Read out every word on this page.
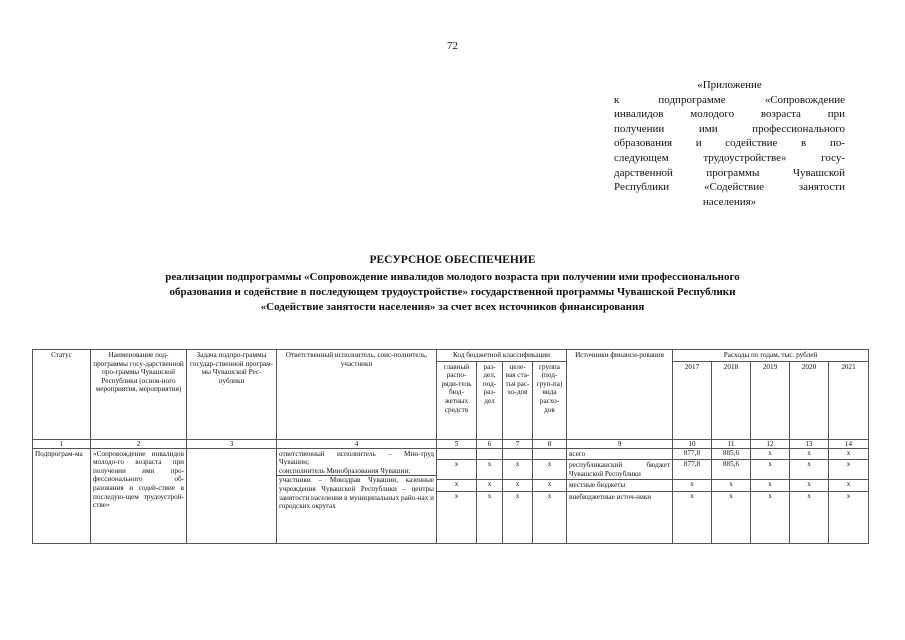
72
«Приложение
к подпрограмме «Сопровождение
инвалидов молодого возраста при
получении ими профессионального
образования и содействие в по-
следующем трудоустройстве» госу-
дарственной программы Чувашской
Республики «Содействие занятости
населения»
РЕСУРСНОЕ ОБЕСПЕЧЕНИЕ
реализации подпрограммы «Сопровождение инвалидов молодого возраста при получении ими профессионального
образования и содействие в последующем трудоустройстве» государственной программы Чувашской Республики
«Содействие занятости населения» за счет всех источников финансирования
Статус	Наименование под-программы госу-дарственной про-граммы Чувашской Республики (основ-ного мероприятия, мероприятия)	Задача подпро-граммы государ-ственной програм-мы Чувашской Рес-публики	Ответственный исполнитель, соис-полнитель, участники	Код бюджетной классификации				Источники финанси-рования	Расходы по годам, тыс. рублей				
				главный распо-ряди-тель бюд-жетных средств	раз-дел, под-раз-дел	целе-вая ста-тья рас-хо-дов	группа (под-груп-па) вида расхо-дов		2017	2018	2019	2020	2021
1	2	3	4	5	6	7	8	9	10	11	12	13	14
Подпрограм-ма	«Сопровождение инвалидов молодо-го возраста при получении ими про-фессионального об-разования и содей-ствие в последую-щем трудоустрой-стве»		ответственный исполнитель – Мин-труд Чувашии;
соисполнитель Минобразования Чувашии;
участники – Минздрав Чувашии, казенные учреждения Чувашской Республики – центры занятости населения в муниципальных райо-нах и городских округах					всего	877,8	885,6	х	х	х
				х	х	х	х	республиканский бюджет Чувашской Республики	877,8	885,6	х	х	х
				х	х	х	х	местные бюджеты	х	х	х	х	х
				х	х	х	х	внебюджетные источ-ники	х	х	х	х	х
